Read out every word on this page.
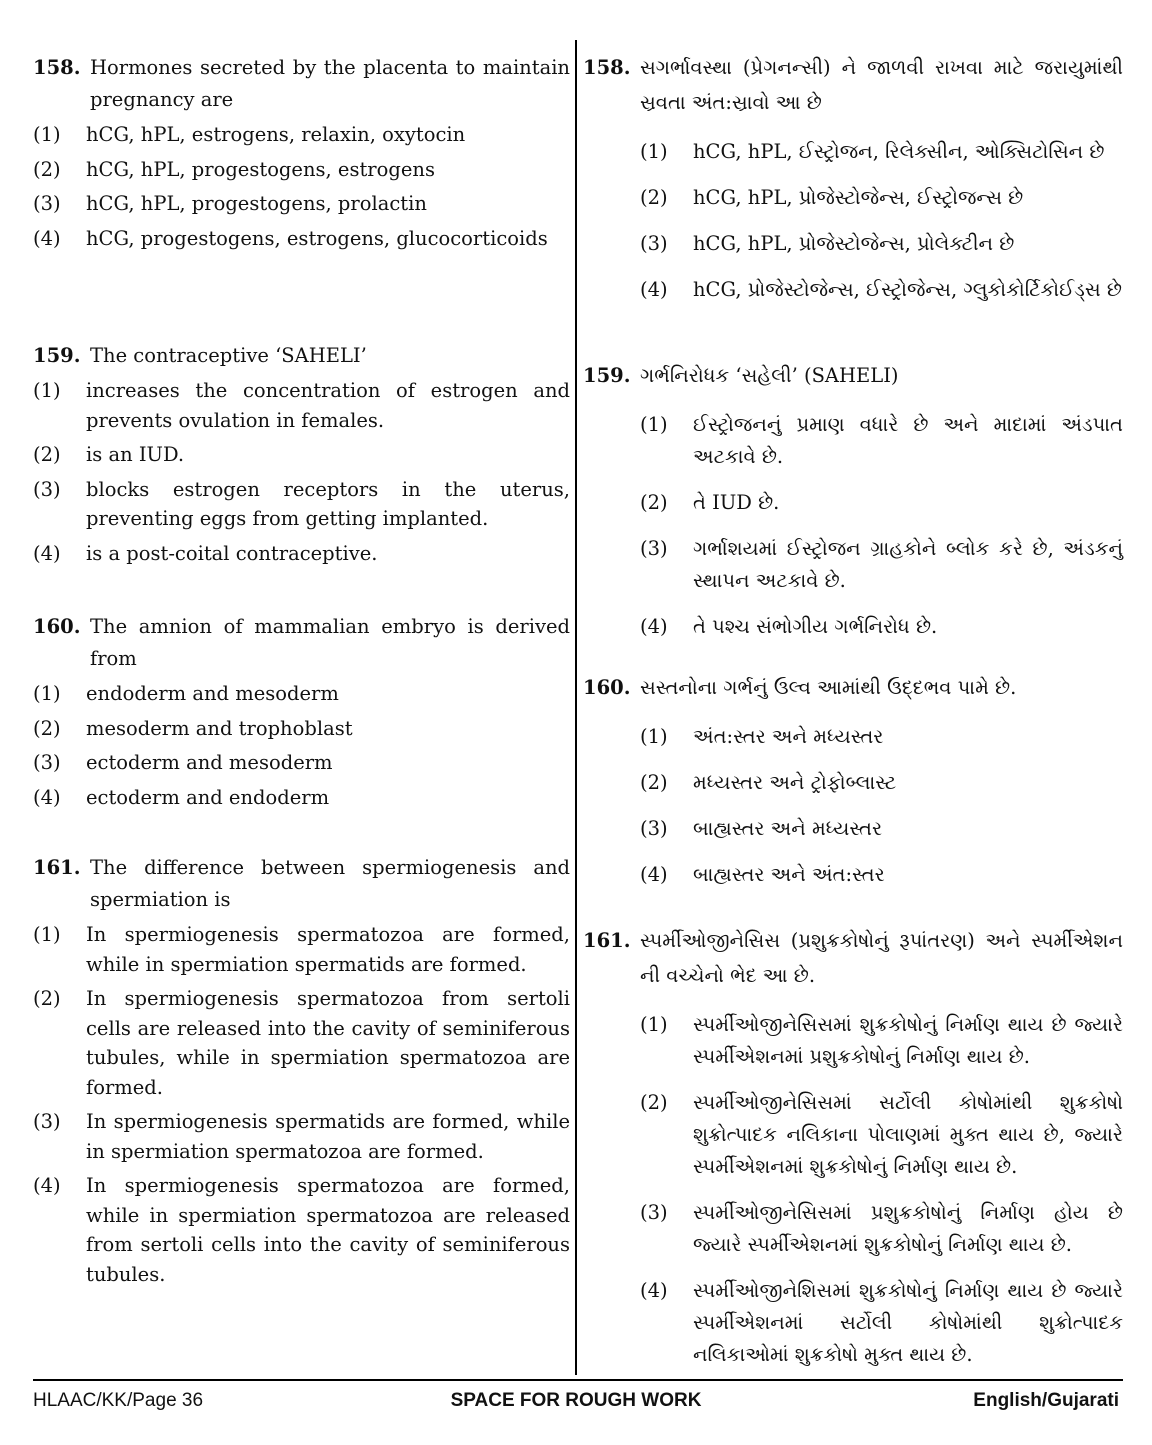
158. Hormones secreted by the placenta to maintain pregnancy are
(1) hCG, hPL, estrogens, relaxin, oxytocin
(2) hCG, hPL, progestogens, estrogens
(3) hCG, hPL, progestogens, prolactin
(4) hCG, progestogens, estrogens, glucocorticoids
159. The contraceptive ‘SAHELI’
(1) increases the concentration of estrogen and prevents ovulation in females.
(2) is an IUD.
(3) blocks estrogen receptors in the uterus, preventing eggs from getting implanted.
(4) is a post-coital contraceptive.
160. The amnion of mammalian embryo is derived from
(1) endoderm and mesoderm
(2) mesoderm and trophoblast
(3) ectoderm and mesoderm
(4) ectoderm and endoderm
161. The difference between spermiogenesis and spermiation is
(1) In spermiogenesis spermatozoa are formed, while in spermiation spermatids are formed.
(2) In spermiogenesis spermatozoa from sertoli cells are released into the cavity of seminiferous tubules, while in spermiation spermatozoa are formed.
(3) In spermiogenesis spermatids are formed, while in spermiation spermatozoa are formed.
(4) In spermiogenesis spermatozoa are formed, while in spermiation spermatozoa are released from sertoli cells into the cavity of seminiferous tubules.
158. સગર્ભાવસ્થા (પ્રેગનન્સી) ને જાળવી રાખવા માટે જરાયુમાંથી સ્રવતા અંત:સ્રાવો આ છે
(1) hCG, hPL, ઈસ્ટ્રોજન, રિલેક્સીન, ઓક્સિટોસિન છે
(2) hCG, hPL, પ્રોજેસ્ટોજેન્સ, ઈસ્ટ્રોજન્સ છે
(3) hCG, hPL, પ્રોજેસ્ટોજેન્સ, પ્રોલેક્ટીન છે
(4) hCG, પ્રોજેસ્ટોજેન્સ, ઈસ્ટ્રોજેન્સ, ગ્લુકોકોર્ટિકોઈડ્સ છે
159. ગર્ભનિરોધક ‘સહેલી’ (SAHELI)
(1) ઈસ્ટ્રોજનનું પ્રમાણ વધારે છે અને માદામાં અંડપાત અટકાવે છે.
(2) તે IUD છે.
(3) ગર્ભાશયમાં ઈસ્ટ્રોજન ગ્રાહકોને બ્લોક કરે છે, અંડકનું સ્થાપન અટકાવે છે.
(4) તે પશ્ચ સંભોગીય ગર્ભનિરોધ છે.
160. સસ્તનોના ગર્ભનું ઉલ્વ આમાંથી ઉદ્દભવ પામે છે.
(1) અંત:સ્તર અને મધ્યસ્તર
(2) મધ્યસ્તર અને ટ્રોફોબ્લાસ્ટ
(3) બાહ્યસ્તર અને મધ્યસ્તર
(4) બાહ્યસ્તર અને અંત:સ્તર
161. સ્પર્મીઓજીનેસિસ (પ્રશુક્રકોષોનું રૂપાંતરણ) અને સ્પર્મીએશન ની વચ્ચેનો ભેદ આ છે.
(1) સ્પર્મીઓજીનેસિસમાં શુક્રકોષોનું નિર્માણ થાય છે જ્યારે સ્પર્મીએશનમાં પ્રશુક્રકોષોનું નિર્માણ થાય છે.
(2) સ્પર્મીઓજીનેસિસમાં સર્ટોલી કોષોમાંથી શુક્રકોષો શુક્રોત્પાદક નલિકાના પોલાણમાં મુક્ત થાય છે, જ્યારે સ્પર્મીએશનમાં શુક્રકોષોનું નિર્માણ થાય છે.
(3) સ્પર્મીઓજીનેસિસમાં પ્રશુક્રકોષોનું નિર્માણ હોય છે જ્યારે સ્પર્મીએશનમાં શુક્રકોષોનું નિર્માણ થાય છે.
(4) સ્પર્મીઓજીનેશિસમાં શુક્રકોષોનું નિર્માણ થાય છે જ્યારે સ્પર્મીએશનમાં સર્ટોલી કોષોમાંથી શુક્રોત્પાદક નલિકાઓમાં શુક્રકોષો મુક્ત થાય છે.
HLAAC/KK/Page 36	SPACE FOR ROUGH WORK	English/Gujarati
